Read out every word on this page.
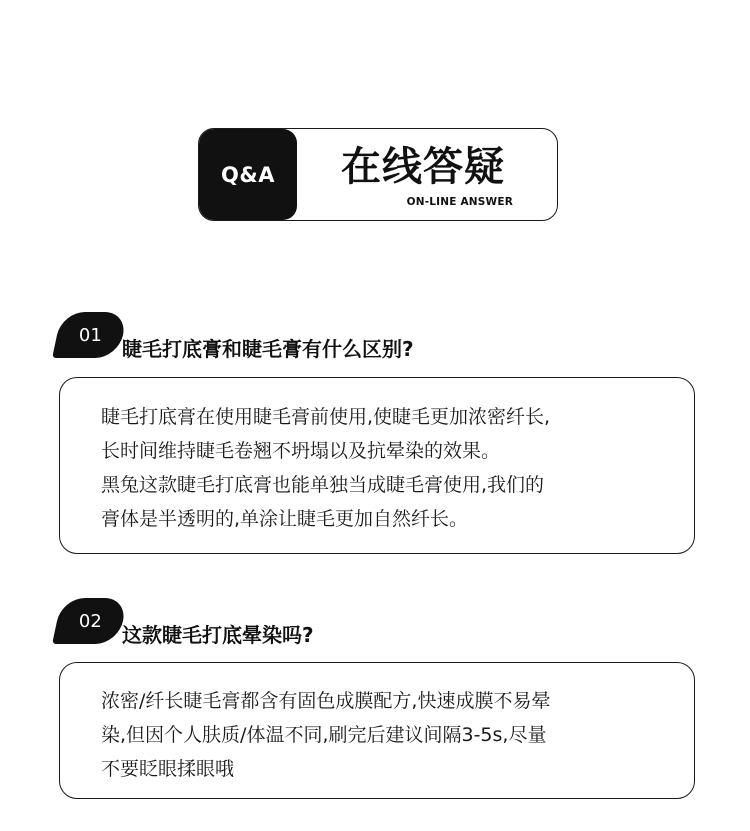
Q&A 在线答疑
ON-LINE ANSWER
01
睫毛打底膏和睫毛膏有什么区别?
睫毛打底膏在使用睫毛膏前使用,使睫毛更加浓密纤长,
长时间维持睫毛卷翘不坍塌以及抗晕染的效果。
黑兔这款睫毛打底膏也能单独当成睫毛膏使用,我们的
膏体是半透明的,单涂让睫毛更加自然纤长。
02
这款睫毛打底晕染吗?
浓密/纤长睫毛膏都含有固色成膜配方,快速成膜不易晕
染,但因个人肤质/体温不同,刷完后建议间隔3-5s,尽量
不要眨眼揉眼哦
